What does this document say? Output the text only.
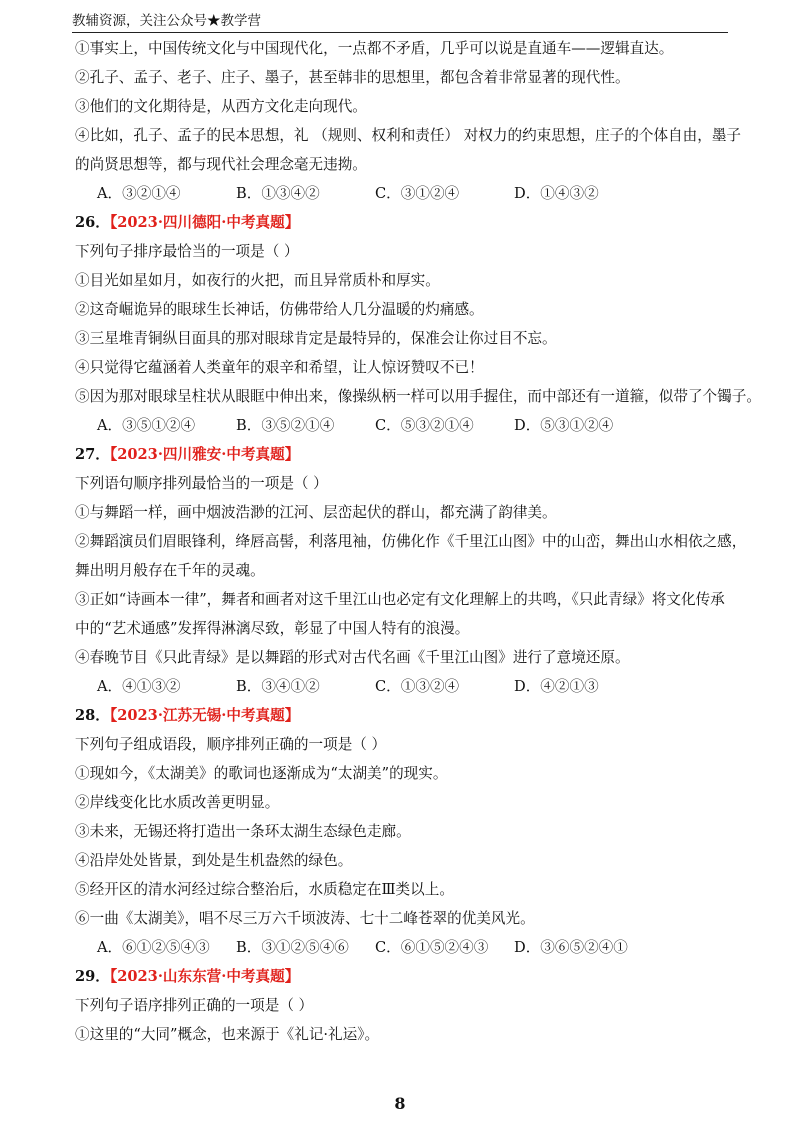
教辅资源，关注公众号★教学营
①事实上，中国传统文化与中国现代化，一点都不矛盾，几乎可以说是直通车——逻辑直达。
②孔子、孟子、老子、庄子、墨子，甚至韩非的思想里，都包含着非常显著的现代性。
③他们的文化期待是，从西方文化走向现代。
④比如，孔子、孟子的民本思想，礼 （规则、权利和责任） 对权力的约束思想，庄子的个体自由，墨子
的尚贤思想等，都与现代社会理念毫无违拗。
A．③②①④	B．①③④②	C．③①②④	D．①④③②
26．【2023·四川德阳·中考真题】
下列句子排序最恰当的一项是（ ）
①目光如星如月，如夜行的火把，而且异常质朴和厚实。
②这奇崛诡异的眼球生长神话，仿佛带给人几分温暖的灼痛感。
③三星堆青铜纵目面具的那对眼球肯定是最特异的，保准会让你过目不忘。
④只觉得它蕴涵着人类童年的艰辛和希望，让人惊讶赞叹不已！
⑤因为那对眼球呈柱状从眼眶中伸出来，像操纵柄一样可以用手握住，而中部还有一道箍，似带了个镯子。
A．③⑤①②④	B．③⑤②①④	C．⑤③②①④	D．⑤③①②④
27．【2023·四川雅安·中考真题】
下列语句顺序排列最恰当的一项是（ ）
①与舞蹈一样，画中烟波浩渺的江河、层峦起伏的群山，都充满了韵律美。
②舞蹈演员们眉眼锋利，绛唇高髻，利落甩袖，仿佛化作《千里江山图》中的山峦，舞出山水相依之感，
舞出明月般存在千年的灵魂。
③正如“诗画本一律”，舞者和画者对这千里江山也必定有文化理解上的共鸣，《只此青绿》将文化传承
中的“艺术通感”发挥得淋漓尽致，彰显了中国人特有的浪漫。
④春晚节目《只此青绿》是以舞蹈的形式对古代名画《千里江山图》进行了意境还原。
A．④①③②	B．③④①②	C．①③②④	D．④②①③
28．【2023·江苏无锡·中考真题】
下列句子组成语段，顺序排列正确的一项是（ ）
①现如今，《太湖美》的歌词也逐渐成为“太湖美”的现实。
②岸线变化比水质改善更明显。
③未来，无锡还将打造出一条环太湖生态绿色走廊。
④沿岸处处皆景，到处是生机盎然的绿色。
⑤经开区的清水河经过综合整治后，水质稳定在Ⅲ类以上。
⑥一曲《太湖美》，唱不尽三万六千顷波涛、七十二峰苍翠的优美风光。
A．⑥①②⑤④③ B．③①②⑤④⑥ C．⑥①⑤②④③ D．③⑥⑤②④①
29．【2023·山东东营·中考真题】
下列句子语序排列正确的一项是（ ）
①这里的“大同”概念，也来源于《礼记·礼运》。
8
